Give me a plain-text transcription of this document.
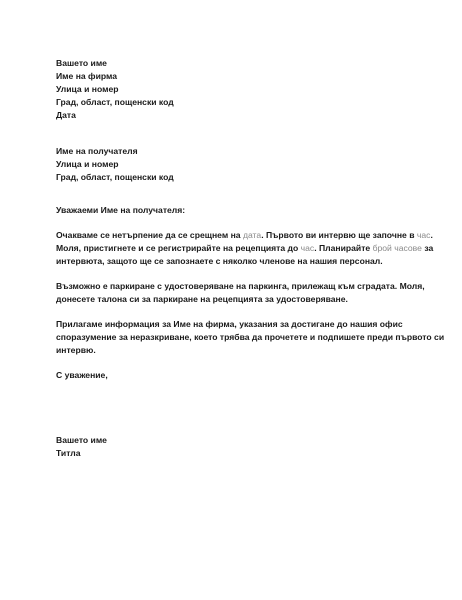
Вашето име
Име на фирма
Улица и номер
Град, област, пощенски код
Дата
Име на получателя
Улица и номер
Град, област, пощенски код

Уважаеми Име на получателя:

Очакваме се нетърпение да се срещнем на дата. Първото ви интервю ще започне в час.
Моля, пристигнете и се регистрирайте на рецепцията до час. Планирайте брой часове за
интервюта, защото ще се запознаете с няколко членове на нашия персонал.

Възможно е паркиране с удостоверяване на паркинга, прилежащ към сградата. Моля,
донесете талона си за паркиране на рецепцията за удостоверяване.

Прилагаме информация за Име на фирма, указания за достигане до нашия офис
споразумение за неразкриване, което трябва да прочетете и подпишете преди първото си
интервю.

С уважение,

Вашето име
Титла
